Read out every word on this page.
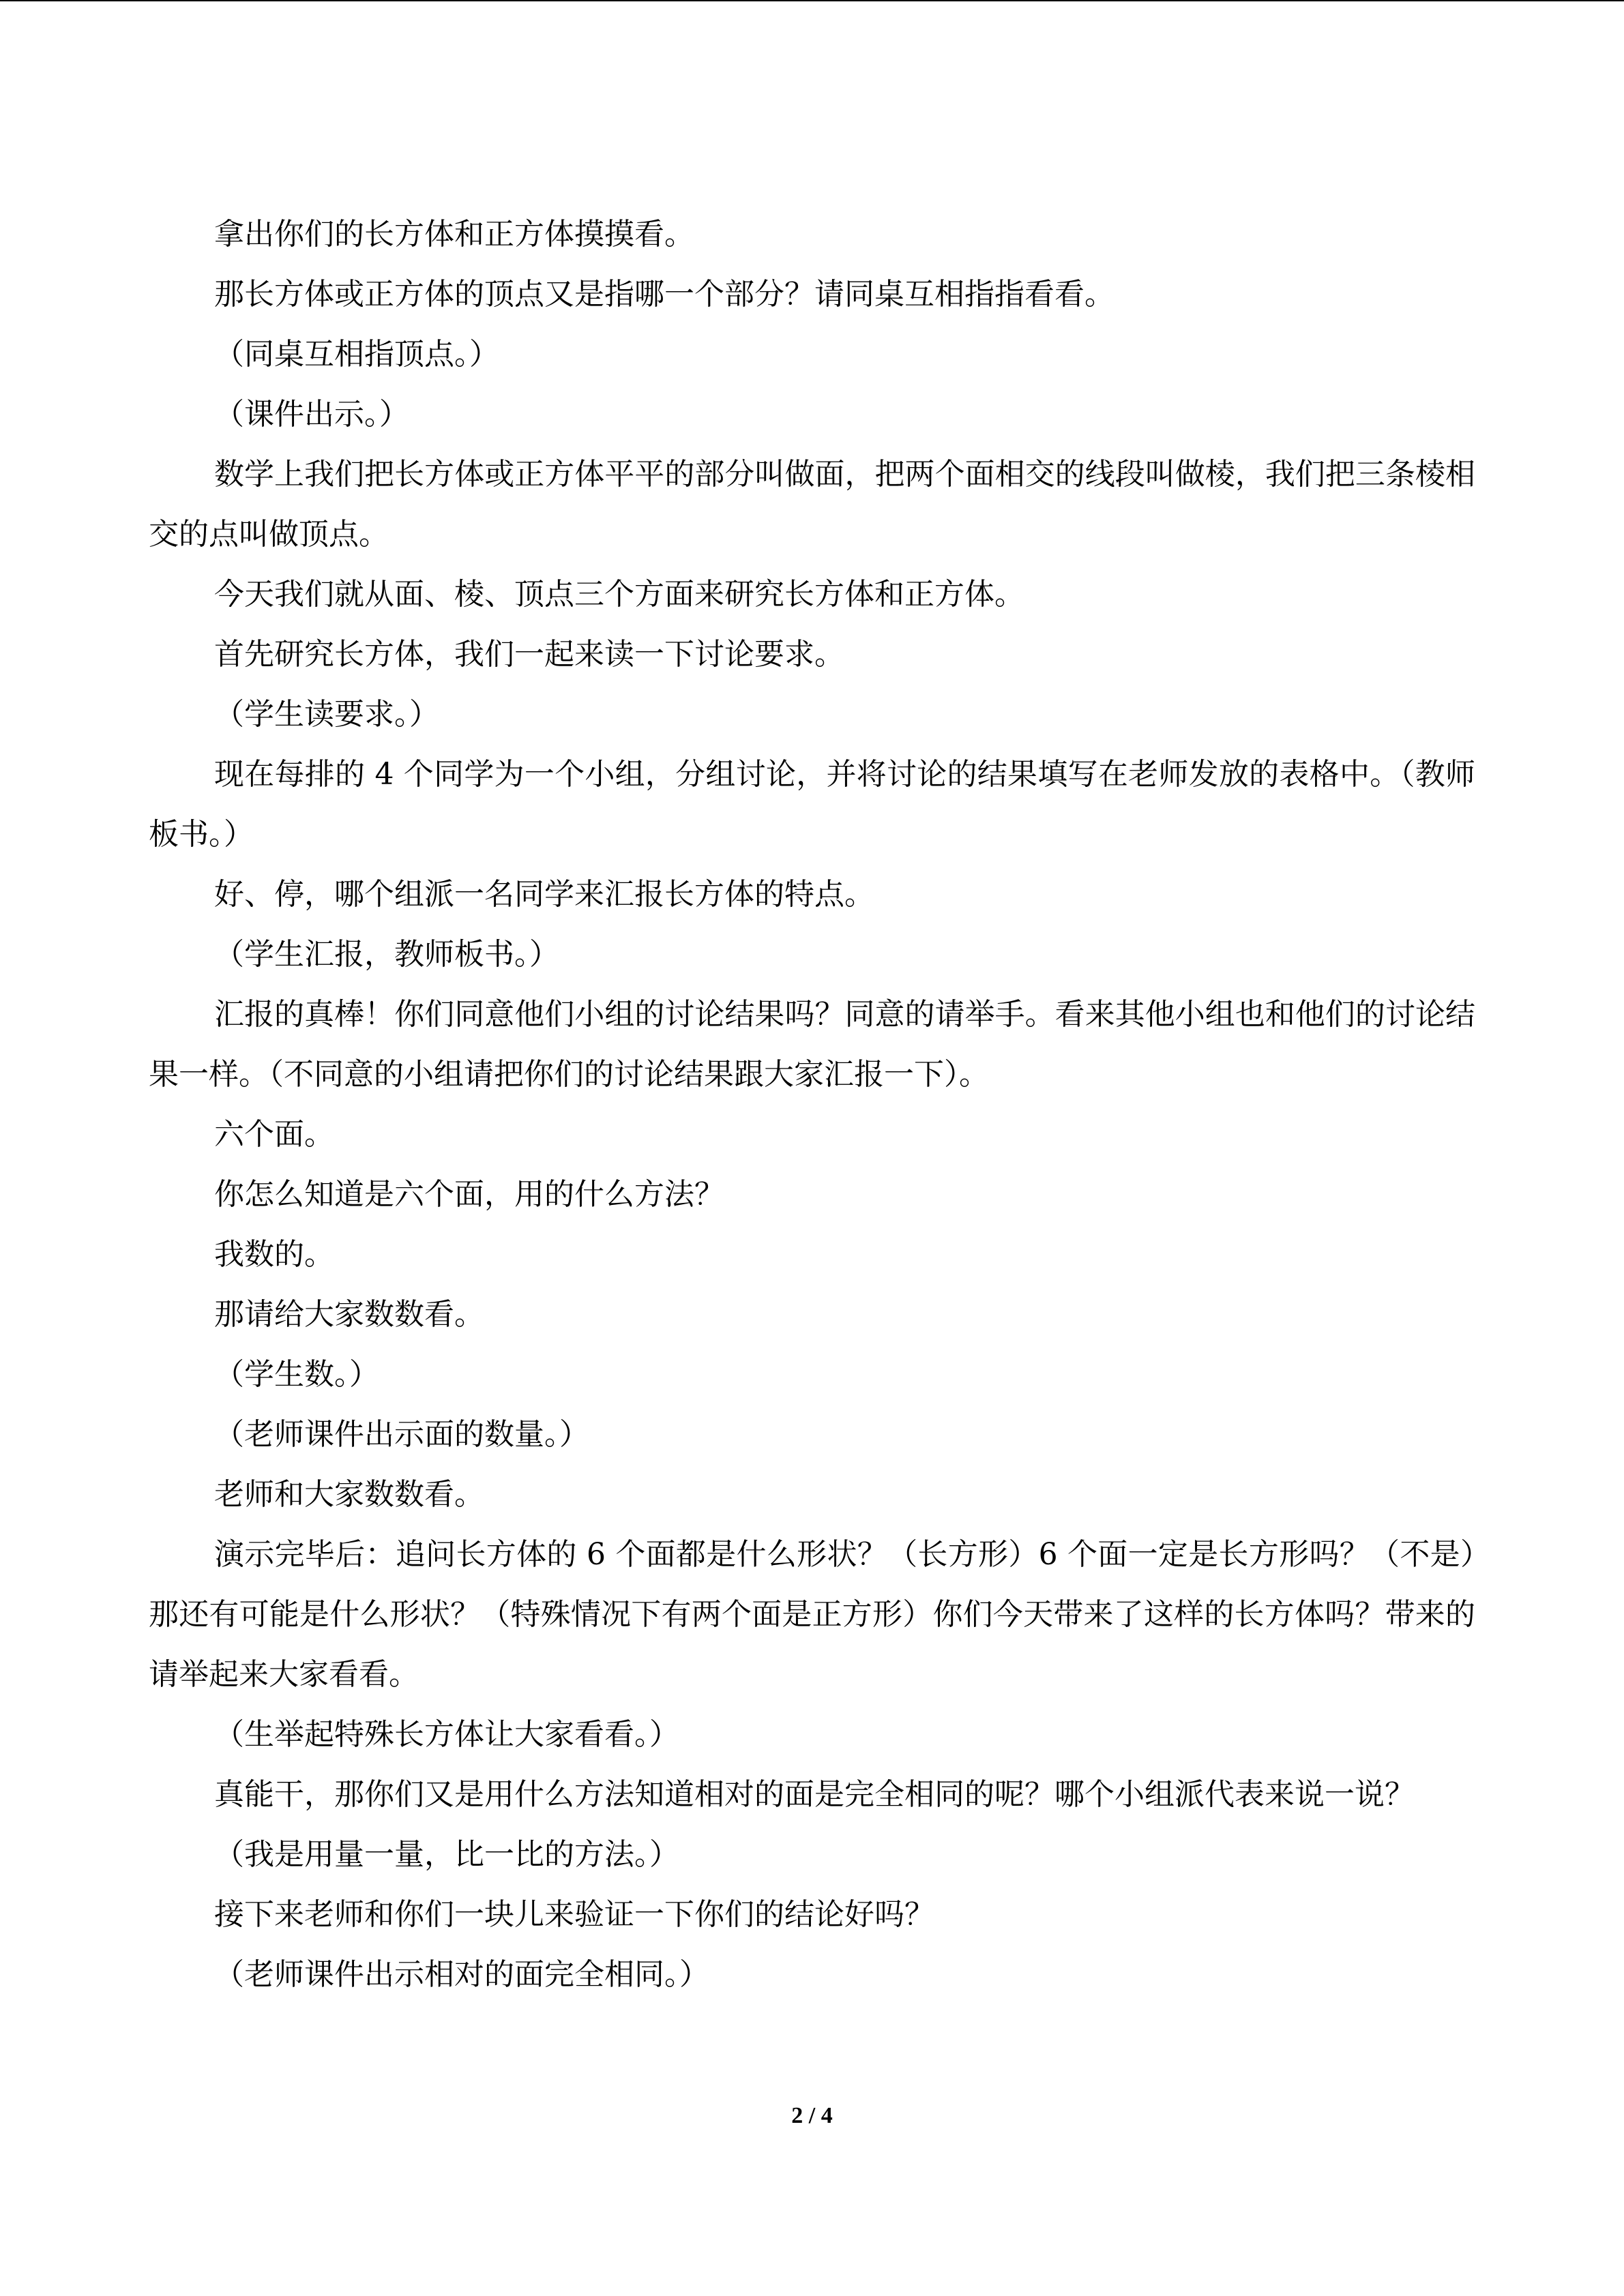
拿出你们的长方体和正方体摸摸看。

那长方体或正方体的顶点又是指哪一个部分？请同桌互相指指看看。

（同桌互相指顶点。）

（课件出示。）

数学上我们把长方体或正方体平平的部分叫做面，把两个面相交的线段叫做棱，我们把三条棱相交的点叫做顶点。

今天我们就从面、棱、顶点三个方面来研究长方体和正方体。

首先研究长方体，我们一起来读一下讨论要求。

（学生读要求。）

现在每排的 4 个同学为一个小组，分组讨论，并将讨论的结果填写在老师发放的表格中。（教师板书。）

好、停，哪个组派一名同学来汇报长方体的特点。

（学生汇报，教师板书。）

汇报的真棒！你们同意他们小组的讨论结果吗？同意的请举手。看来其他小组也和他们的讨论结果一样。（不同意的小组请把你们的讨论结果跟大家汇报一下）。

六个面。

你怎么知道是六个面，用的什么方法？

我数的。

那请给大家数数看。

（学生数。）

（老师课件出示面的数量。）

老师和大家数数看。

演示完毕后：追问长方体的 6 个面都是什么形状？（长方形）6 个面一定是长方形吗？（不是）那还有可能是什么形状？（特殊情况下有两个面是正方形）你们今天带来了这样的长方体吗？带来的请举起来大家看看。

（生举起特殊长方体让大家看看。）

真能干，那你们又是用什么方法知道相对的面是完全相同的呢？哪个小组派代表来说一说？

（我是用量一量，比一比的方法。）

接下来老师和你们一块儿来验证一下你们的结论好吗？

（老师课件出示相对的面完全相同。）

2 / 4
